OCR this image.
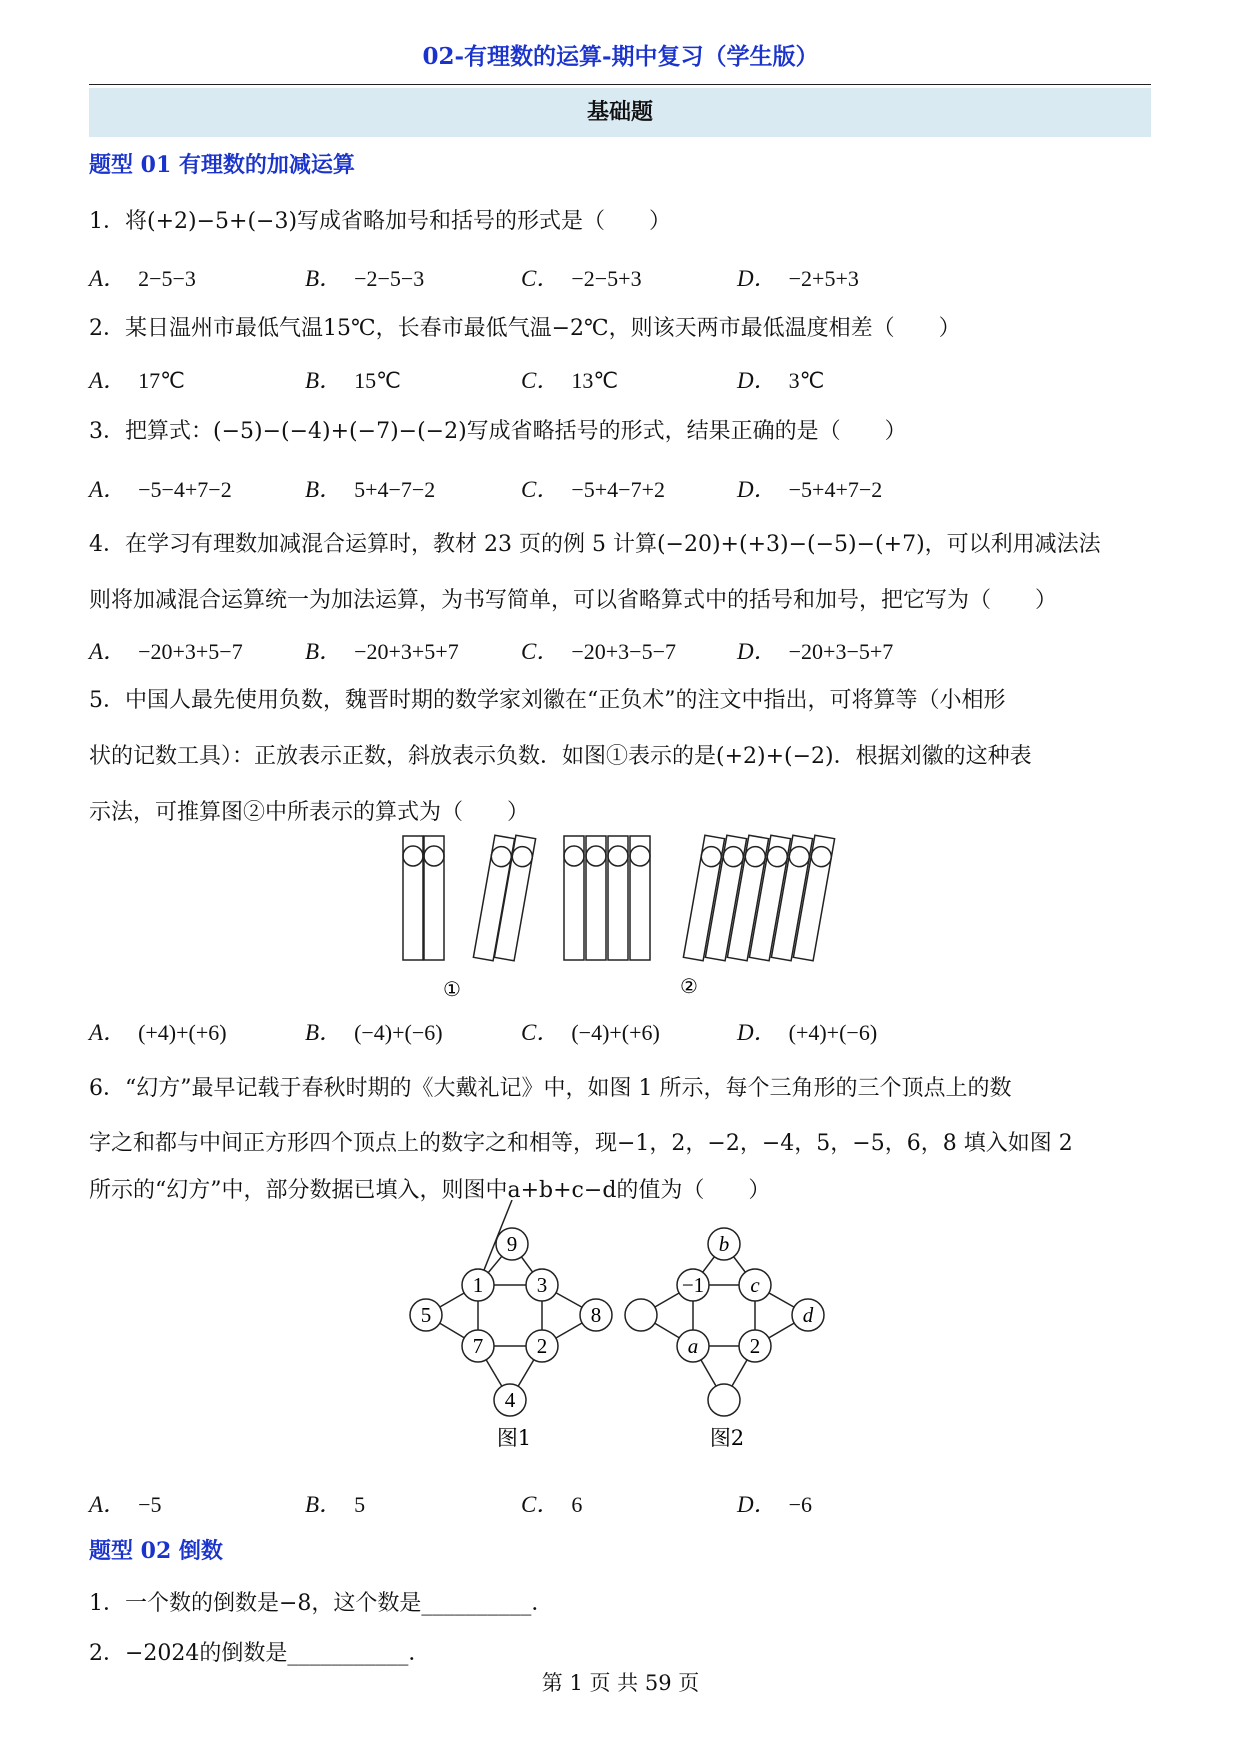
02-有理数的运算-期中复习（学生版）
基础题
题型 01 有理数的加减运算
1．将(+2)−5+(−3)写成省略加号和括号的形式是（　　）
A． 2−5−3	B． −2−5−3	C． −2−5+3	D． −2+5+3
2．某日温州市最低气温15℃，长春市最低气温−2℃，则该天两市最低温度相差（　　）
A． 17℃	B． 15℃	C． 13℃	D． 3℃
3．把算式：(−5)−(−4)+(−7)−(−2)写成省略括号的形式，结果正确的是（　　）
A． −5−4+7−2	B． 5+4−7−2	C． −5+4−7+2	D． −5+4+7−2
4．在学习有理数加减混合运算时，教材 23 页的例 5 计算(−20)+(+3)−(−5)−(+7)，可以利用减法法
则将加减混合运算统一为加法运算，为书写简单，可以省略算式中的括号和加号，把它写为（　　）
A． −20+3+5−7	B． −20+3+5+7	C． −20+3−5−7	D． −20+3−5+7
5．中国人最先使用负数，魏晋时期的数学家刘徽在“正负术”的注文中指出，可将算等（小相形
状的记数工具）：正放表示正数，斜放表示负数．如图①表示的是(+2)+(−2)．根据刘徽的这种表
示法，可推算图②中所表示的算式为（　　）
①	②
A． (+4)+(+6)	B． (−4)+(−6)	C． (−4)+(+6)	D． (+4)+(−6)
6．“幻方”最早记载于春秋时期的《大戴礼记》中，如图 1 所示，每个三角形的三个顶点上的数
字之和都与中间正方形四个顶点上的数字之和相等，现−1，2，−2，−4，5，−5，6，8 填入如图 2
所示的“幻方”中，部分数据已填入，则图中a+b+c−d的值为（　　）
9
1	3
5	8
7	2
4
b
−1 c
d
a 2
图1	图2
A． −5	B． 5	C． 6	D． −6
题型 02 倒数
1．一个数的倒数是−8，这个数是__________．
2．−2024的倒数是___________．
第 1 页 共 59 页
